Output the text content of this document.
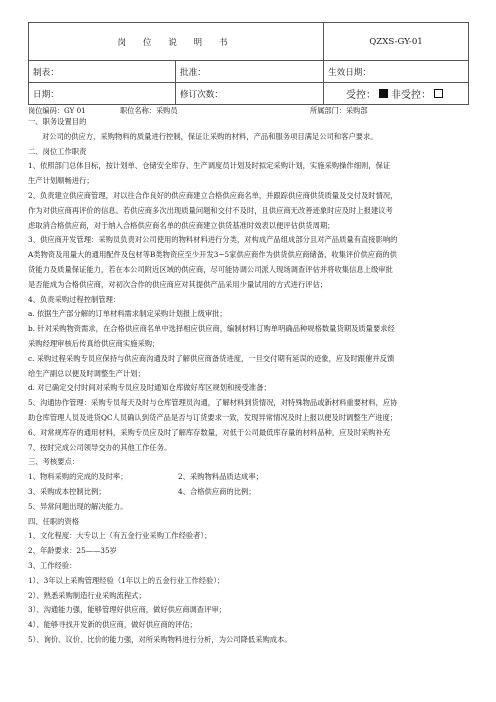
岗 位 说 明 书		QZXS-GY-01
制表：	批准：	生效日期：
日期：	修订次数：	受控： 非受控：
岗位编码：GY 01	职位名称：采购员	所属部门：采购部
一、职务设置目的
对公司的供应方、采购物料的质量进行控制，保证让采购的材料，产品和服务项目满足公司和客户要求。
二、岗位工作职责
1、依照部门总体目标，按计划单、仓储安全库存、生产调度员计划及时拟定采购计划，实施采购操作细则，保证
生产计划顺畅进行；
2、负责建立供应商管理，对以往合作良好的供应商建立合格供应商名单，并跟踪供应商供货质量及交付及时情况，
作为对供应商再评价的信息。若供应商多次出现质量问题和交付不及时，且供应商无改善迹象时应及时上报建议考
虑取消合格供应商，对于纳入合格供应商名单的供应商建立供货基准时效表以便评估供货周期；
3、供应商开发管理：采购员负责对公司使用的物料材料进行分类，对构成产品组成部分且对产品质量有直接影响的
A类物资及用量大的通用配件及包材等B类物资应至少开发3~5家供应商作为供货供应商储备，收集评价供应商的供
货能力及质量保证能力，若在本公司附近区域的供应商，尽可能协调公司派人现场调查评估并将收集信息上级审批
是否能成为合格供应商，对初次合作的供应商应对其提供产品采用少量试用的方式进行评估；
4、负责采购过程控制管理：
a. 依据生产部分解的订单材料需求制定采购计划报上级审批；
b. 针对采购物资需求，在合格供应商名单中选择相应供应商，编制材料订购单明确品种规格数量货期及质量要求经
采购经理审核后传真给供应商实施采购；
c. 采购过程采购专员应保持与供应商沟通及时了解供应商备货进度，一旦交付期有延误的迹象，应及时跟催并反馈
给生产副总以便及时调整生产计划；
d. 对已确定交付时间对采购专员应及时通知仓库做好库区规划和接受准备；
5、沟通协作管理：采购专员每天及时与仓库管理员沟通，了解材料到货情况，对特殊物品或新材料重要材料，应协
助仓库管理人员及进货QC人员确认到货产品是否与订货要求一致，发现异常情况及时上报以便及时调整生产进度；
6、对常规库存的通用材料，采购专员应及时了解库存数量，对低于公司最低库存量的材料品种，应及时采购补充
7、按时完成公司领导交办的其他工作任务。
三、考核要点：
1、物料采购的完成的及时率；	2、采购物料品质达成率；
3、采购成本控制比例；	4、合格供应商的比例；
5、异常问题出现的解决能力。
四、任职的资格
1、文化程度：大专以上（有五金行业采购工作经验者）；
2、年龄要求：25——35岁
3、工作经验：
1）、3年以上采购管理经验（1年以上的五金行业工作经验）；
2）、熟悉采购制造行业采购流程式；
3）、沟通能力强，能够管理好供应商，做好供应商调查评审；
4）、能够寻找开发新的供应商，做好供应商的评估；
5）、询价、议价、比价的能力强，对所采购物料进行分析，为公司降低采购成本。
